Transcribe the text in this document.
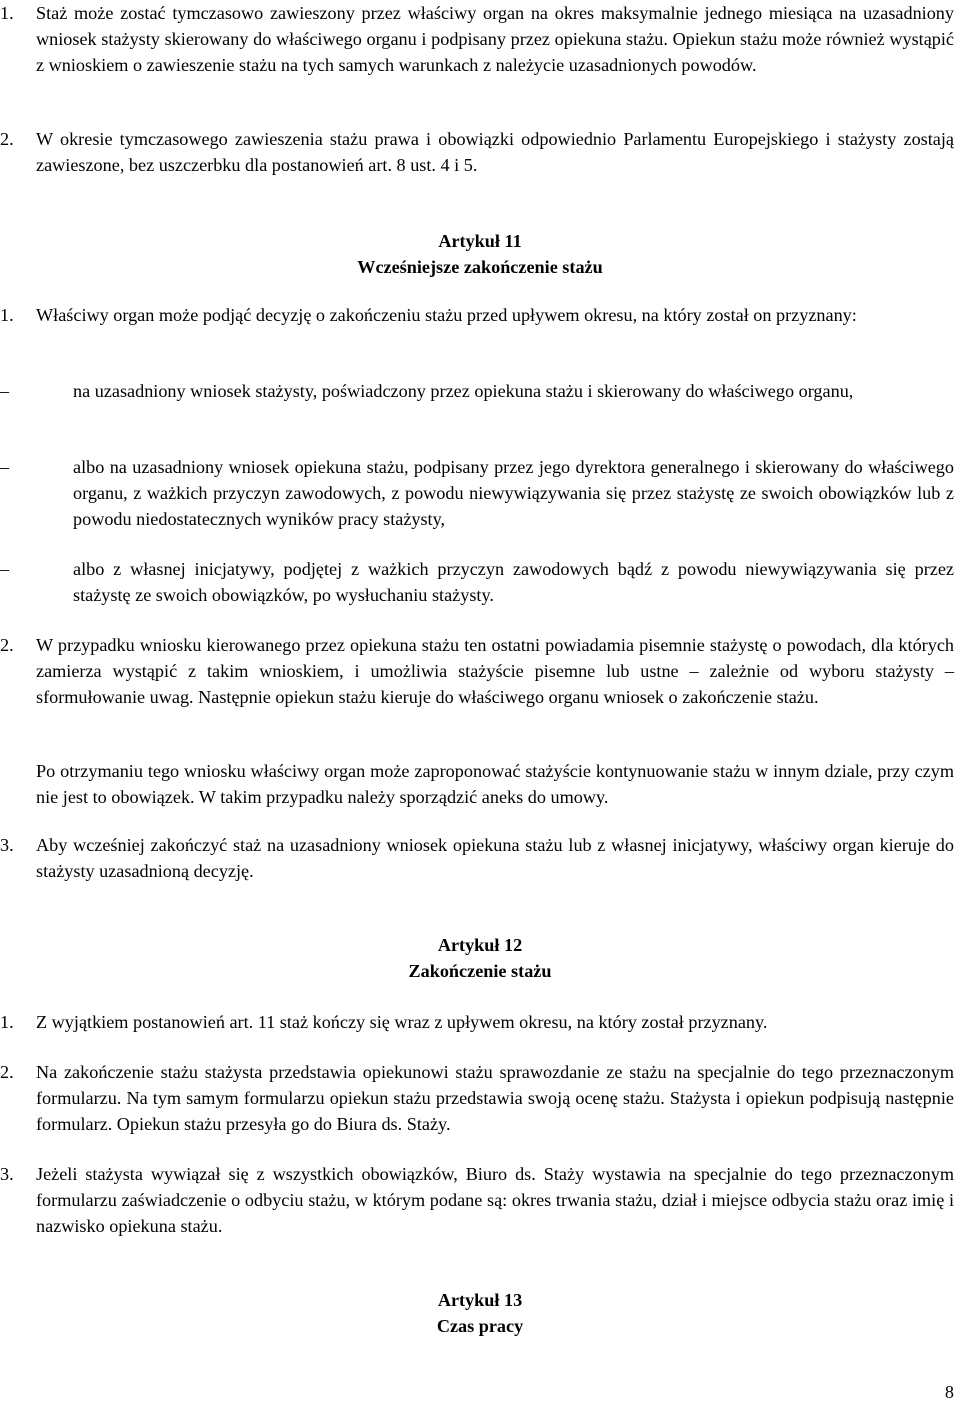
1. Staż może zostać tymczasowo zawieszony przez właściwy organ na okres maksymalnie jednego miesiąca na uzasadniony wniosek stażysty skierowany do właściwego organu i podpisany przez opiekuna stażu. Opiekun stażu może również wystąpić z wnioskiem o zawieszenie stażu na tych samych warunkach z należycie uzasadnionych powodów.

2. W okresie tymczasowego zawieszenia stażu prawa i obowiązki odpowiednio Parlamentu Europejskiego i stażysty zostają zawieszone, bez uszczerbku dla postanowień art. 8 ust. 4 i 5.

Artykuł 11
Wcześniejsze zakończenie stażu
1. Właściwy organ może podjąć decyzję o zakończeniu stażu przed upływem okresu, na który został on przyznany:

–	na uzasadniony wniosek stażysty, poświadczony przez opiekuna stażu i skierowany do właściwego organu,

–	albo na uzasadniony wniosek opiekuna stażu, podpisany przez jego dyrektora generalnego i skierowany do właściwego organu, z ważkich przyczyn zawodowych, z powodu niewywiązywania się przez stażystę ze swoich obowiązków lub z powodu niedostatecznych wyników pracy stażysty,

–	albo z własnej inicjatywy, podjętej z ważkich przyczyn zawodowych bądź z powodu niewywiązywania się przez stażystę ze swoich obowiązków, po wysłuchaniu stażysty.

2. W przypadku wniosku kierowanego przez opiekuna stażu ten ostatni powiadamia pisemnie stażystę o powodach, dla których zamierza wystąpić z takim wnioskiem, i umożliwia stażyście pisemne lub ustne – zależnie od wyboru stażysty – sformułowanie uwag. Następnie opiekun stażu kieruje do właściwego organu wniosek o zakończenie stażu.

Po otrzymaniu tego wniosku właściwy organ może zaproponować stażyście kontynuowanie stażu w innym dziale, przy czym nie jest to obowiązek. W takim przypadku należy sporządzić aneks do umowy.

3. Aby wcześniej zakończyć staż na uzasadniony wniosek opiekuna stażu lub z własnej inicjatywy, właściwy organ kieruje do stażysty uzasadnioną decyzję.

Artykuł 12
Zakończenie stażu
1. Z wyjątkiem postanowień art. 11 staż kończy się wraz z upływem okresu, na który został przyznany.

2. Na zakończenie stażu stażysta przedstawia opiekunowi stażu sprawozdanie ze stażu na specjalnie do tego przeznaczonym formularzu. Na tym samym formularzu opiekun stażu przedstawia swoją ocenę stażu. Stażysta i opiekun podpisują następnie formularz. Opiekun stażu przesyła go do Biura ds. Staży.

3. Jeżeli stażysta wywiązał się z wszystkich obowiązków, Biuro ds. Staży wystawia na specjalnie do tego przeznaczonym formularzu zaświadczenie o odbyciu stażu, w którym podane są: okres trwania stażu, dział i miejsce odbycia stażu oraz imię i nazwisko opiekuna stażu.

Artykuł 13
Czas pracy
8
